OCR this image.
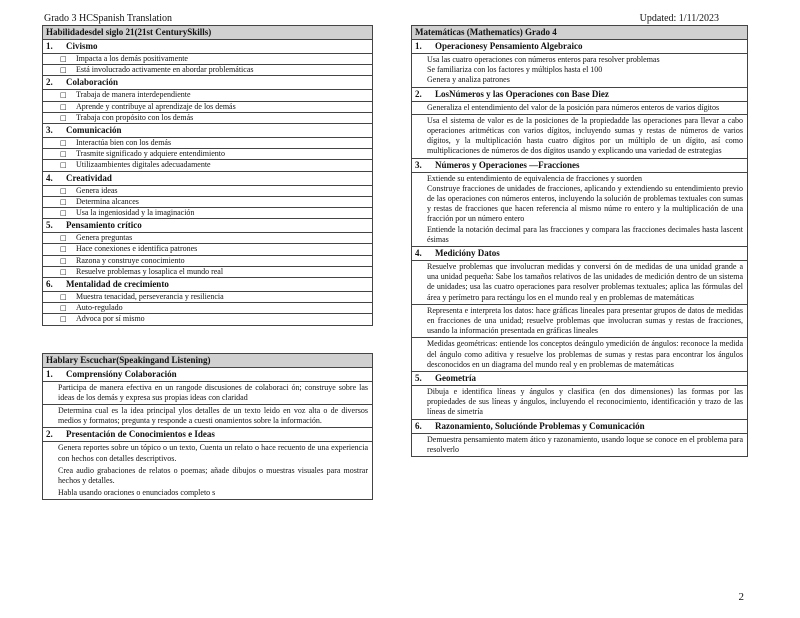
Grado 3 HCSpanish Translation	Updated: 1/11/2023
Habilidadesdel siglo 21(21st CenturySkills)
1. Civismo
□ Impacta a los demás positivamente
□ Está involucrado activamente en abordar problemáticas
2. Colaboración
□ Trabaja de manera interdependiente
□ Aprende y contribuye al aprendizaje de los demás
□ Trabaja con propósito con los demás
3. Comunicación
□ Interactúa bien con los demás
□ Trasmite significado y adquiere entendimiento
□ Utilizaambientes digitales adecuadamente
4. Creatividad
□ Genera ideas
□ Determina alcances
□ Usa la ingeniosidad y la imaginación
5. Pensamiento crítico
□ Genera preguntas
□ Hace conexiones e identifica patrones
□ Razona y construye conocimiento
□ Resuelve problemas y losaplica el mundo real
6. Mentalidad de crecimiento
□ Muestra tenacidad, perseverancia y resiliencia
□ Auto-regulado
□ Advoca por sí mismo
Hablary Escuchar(Speakingand Listening)
1. Comprensióny Colaboración
Participa de manera efectiva en un rangode discusiones de colaboraci ón; construye sobre las ideas de los demás y expresa sus propias ideas con claridad
Determina cual es la idea principal ylos detalles de un texto leido en voz alta o de diversos medios y formatos; pregunta y responde a cuesti onamientos sobre la información.
2. Presentación de Conocimientos e Ideas
Genera reportes sobre un tópico o un texto, Cuenta un relato o hace recuento de una experiencia con hechos con detalles descriptivos.
Crea audio grabaciones de relatos o poemas; añade dibujos o muestras visuales para mostrar hechos y detalles.
Habla usando oraciones o enunciados completo s
Matemáticas (Mathematics) Grado 4
1. Operacionesy Pensamiento Algebraico
Usa las cuatro operaciones con números enteros para resolver problemas
Se familiariza con los factores y múltiplos hasta el 100
Genera y analiza patrones
2. LosNúmeros y las Operaciones con Base Diez
Generaliza el entendimiento del valor de la posición para números enteros de varios dígitos
Usa el sistema de valor es de la posiciones de la propiedadde las operaciones para llevar a cabo operaciones aritméticas con varios dígitos, incluyendo sumas y restas de números de varios dígitos, y la multiplicación hasta cuatro dígitos por un múltiplo de un dígito, así como multiplicaciones de números de dos dígitos usando y explicando una variedad de estrategias
3. Números y Operaciones —Fracciones
Extiende su entendimiento de equivalencia de fracciones y suorden
Construye fracciones de unidades de fracciones, aplicando y extendiendo su entendimiento previo de las operaciones con números enteros, incluyendo la solución de problemas textuales con sumas y restas de fracciones que hacen referencia al mismo núme ro entero y la multiplicación de una fracción por un número entero
Entiende la notación decimal para las fracciones y compara las fracciones decimales hasta lascent ésimas
4. Medicióny Datos
Resuelve problemas que involucran medidas y conversi ón de medidas de una unidad grande a una unidad pequeña: Sabe los tamaños relativos de las unidades de medición dentro de un sistema de unidades; usa las cuatro operaciones para resolver problemas textuales; aplica las fórmulas del área y perímetro para rectángu los en el mundo real y en problemas de matemáticas
Representa e interpreta los datos: hace gráficas lineales para presentar grupos de datos de medidas en fracciones de una unidad; resuelve problemas que involucran sumas y restas de fracciones, usando la información presentada en gráficas lineales
Medidas geométricas: entiende los conceptos deángulo ymedición de ángulos: reconoce la medida del ángulo como aditiva y resuelve los problemas de sumas y restas para encontrar los ángulos desconocidos en un diagrama del mundo real y en problemas de matemáticas
5. Geometría
Dibuja e identifica líneas y ángulos y clasifica (en dos dimensiones) las formas por las propiedades de sus líneas y ángulos, incluyendo el reconocimiento, identificación y trazo de las líneas de simetría
6. Razonamiento, Solucióndе Problemas y Comunicación
Demuestra pensamiento matem ático y razonamiento, usando loque se conoce en el problema para resolverlo
2
